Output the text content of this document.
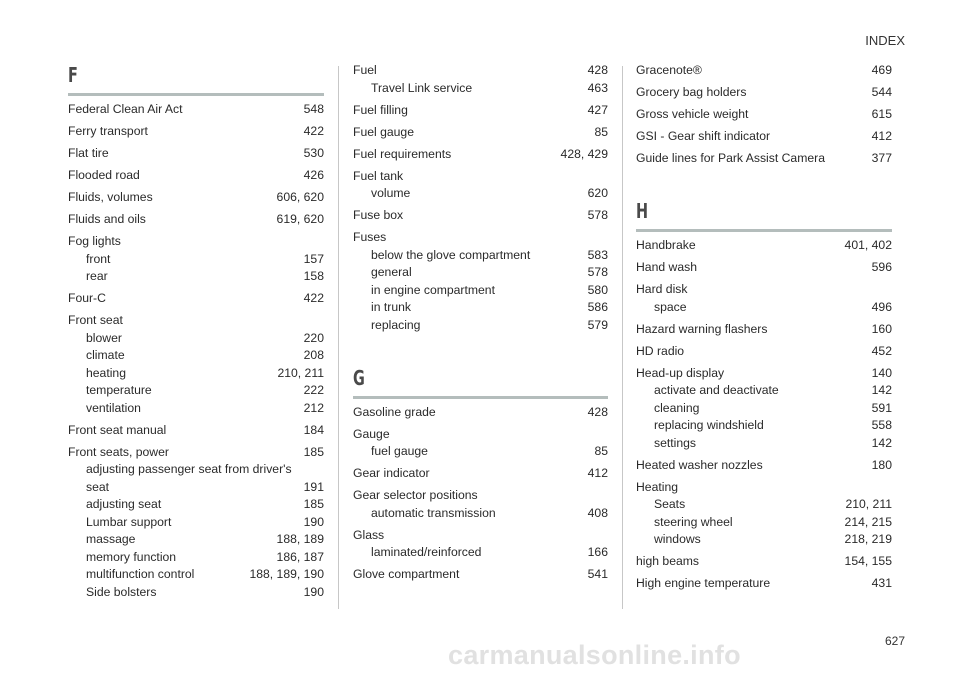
INDEX
F
Federal Clean Air Act	548
Ferry transport	422
Flat tire	530
Flooded road	426
Fluids, volumes	606, 620
Fluids and oils	619, 620
Fog lights
front	157
rear	158
Four-C	422
Front seat
blower	220
climate	208
heating	210, 211
temperature	222
ventilation	212
Front seat manual	184
Front seats, power	185
adjusting passenger seat from driver's
seat	191
adjusting seat	185
Lumbar support	190
massage	188, 189
memory function	186, 187
multifunction control	188, 189, 190
Side bolsters	190
Fuel	428
Travel Link service	463
Fuel filling	427
Fuel gauge	85
Fuel requirements	428, 429
Fuel tank
volume	620
Fuse box	578
Fuses
below the glove compartment	583
general	578
in engine compartment	580
in trunk	586
replacing	579
G
Gasoline grade	428
Gauge
fuel gauge	85
Gear indicator	412
Gear selector positions
automatic transmission	408
Glass
laminated/reinforced	166
Glove compartment	541
Gracenote®	469
Grocery bag holders	544
Gross vehicle weight	615
GSI - Gear shift indicator	412
Guide lines for Park Assist Camera	377
H
Handbrake	401, 402
Hand wash	596
Hard disk
space	496
Hazard warning flashers	160
HD radio	452
Head-up display	140
activate and deactivate	142
cleaning	591
replacing windshield	558
settings	142
Heated washer nozzles	180
Heating
Seats	210, 211
steering wheel	214, 215
windows	218, 219
high beams	154, 155
High engine temperature	431
627
carmanualsonline.info
